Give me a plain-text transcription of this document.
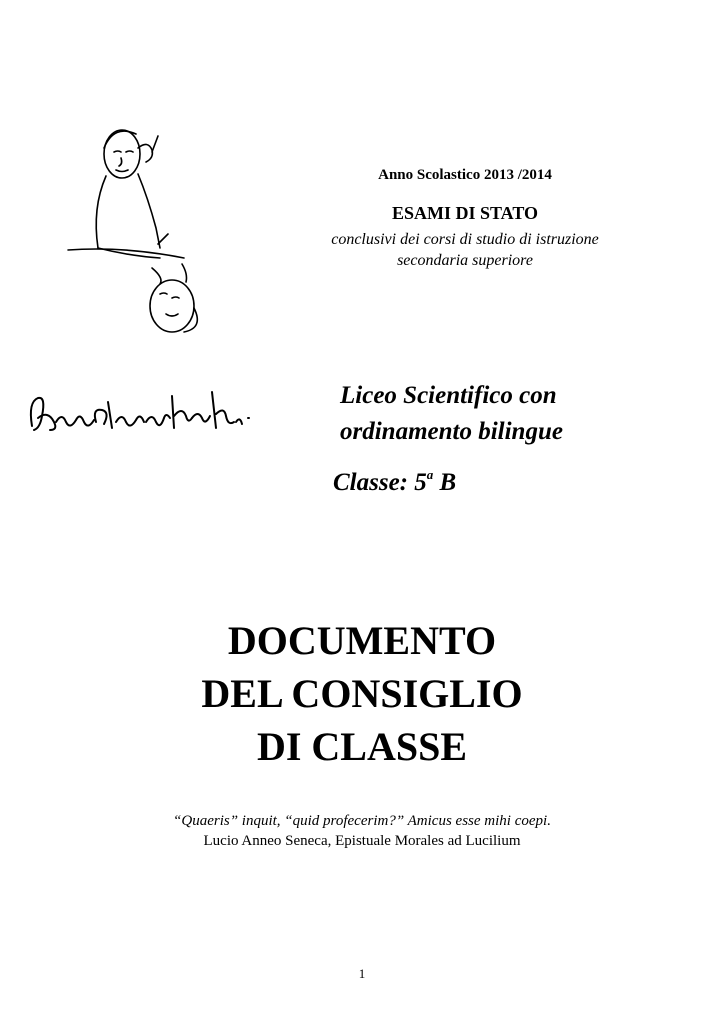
Anno Scolastico 2013 /2014
ESAMI DI STATO
conclusivi dei corsi di studio di istruzione
secondaria superiore
Liceo Scientifico con
ordinamento bilingue
Classe: 5$^a$ B
DOCUMENTO
DEL CONSIGLIO
DI CLASSE
“Quaeris” inquit, “quid profecerim?” Amicus esse mihi coepi.
Lucio Anneo Seneca, Epistuale Morales ad Lucilium
1
